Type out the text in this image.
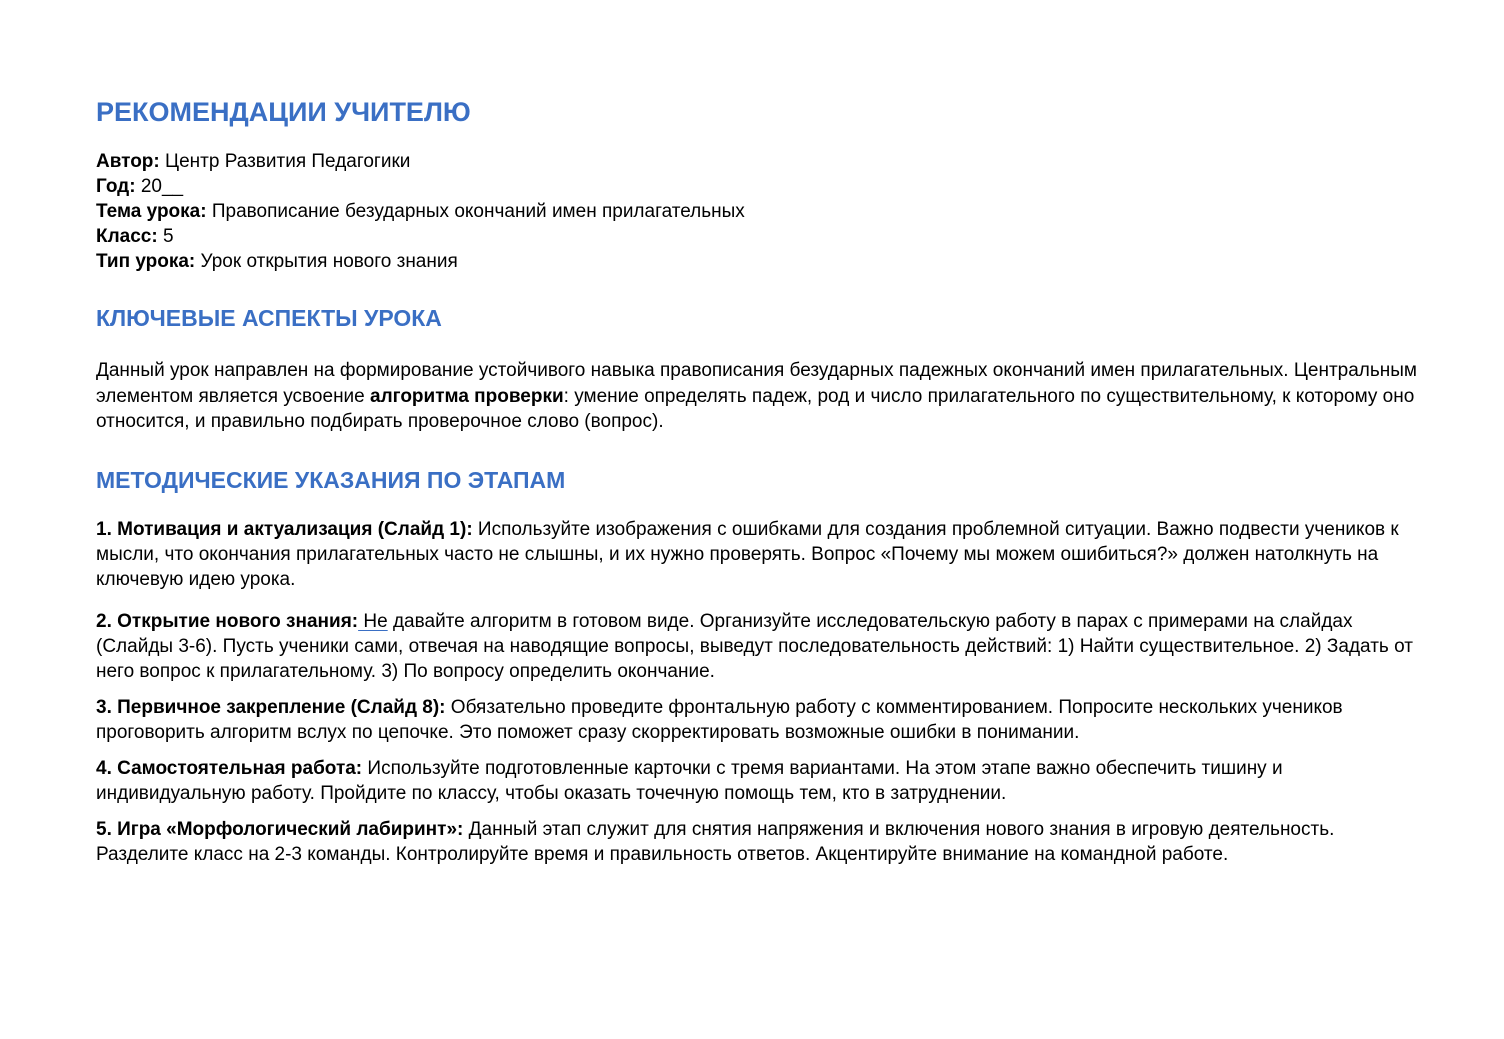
РЕКОМЕНДАЦИИ УЧИТЕЛЮ
Автор: Центр Развития Педагогики
Год: 20__
Тема урока: Правописание безударных окончаний имен прилагательных
Класс: 5
Тип урока: Урок открытия нового знания
КЛЮЧЕВЫЕ АСПЕКТЫ УРОКА

Данный урок направлен на формирование устойчивого навыка правописания безударных падежных окончаний имен прилагательных. Центральным элементом является усвоение алгоритма проверки: умение определять падеж, род и число прилагательного по существительному, к которому оно относится, и правильно подбирать проверочное слово (вопрос).

МЕТОДИЧЕСКИЕ УКАЗАНИЯ ПО ЭТАПАМ

1. Мотивация и актуализация (Слайд 1): Используйте изображения с ошибками для создания проблемной ситуации. Важно подвести учеников к мысли, что окончания прилагательных часто не слышны, и их нужно проверять. Вопрос «Почему мы можем ошибиться?» должен натолкнуть на ключевую идею урока.

2. Открытие нового знания: Не давайте алгоритм в готовом виде. Организуйте исследовательскую работу в парах с примерами на слайдах (Слайды 3-6). Пусть ученики сами, отвечая на наводящие вопросы, выведут последовательность действий: 1) Найти существительное. 2) Задать от него вопрос к прилагательному. 3) По вопросу определить окончание.

3. Первичное закрепление (Слайд 8): Обязательно проведите фронтальную работу с комментированием. Попросите нескольких учеников проговорить алгоритм вслух по цепочке. Это поможет сразу скорректировать возможные ошибки в понимании.

4. Самостоятельная работа: Используйте подготовленные карточки с тремя вариантами. На этом этапе важно обеспечить тишину и индивидуальную работу. Пройдите по классу, чтобы оказать точечную помощь тем, кто в затруднении.

5. Игра «Морфологический лабиринт»: Данный этап служит для снятия напряжения и включения нового знания в игровую деятельность. Разделите класс на 2-3 команды. Контролируйте время и правильность ответов. Акцентируйте внимание на командной работе.
